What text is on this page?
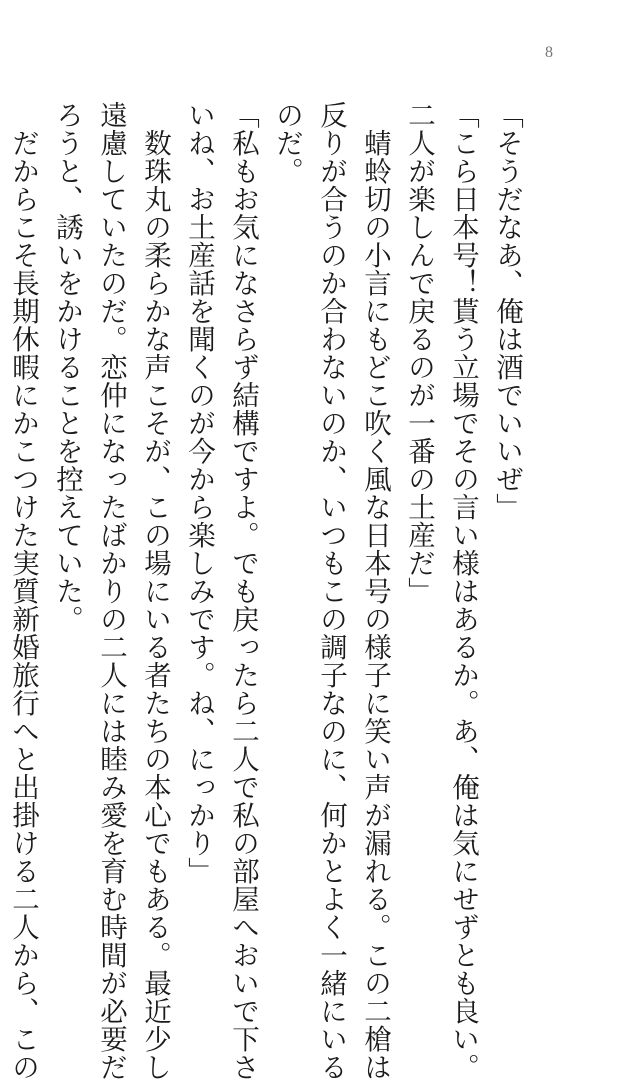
8
「そうだなあ、俺は酒でいいぜ」
「こら日本号！貰う立場でその言い様はあるか。あ、俺は気にせずとも良い。
二人が楽しんで戻るのが一番の土産だ」
　蜻蛉切の小言にもどこ吹く風な日本号の様子に笑い声が漏れる。この二槍は
反りが合うのか合わないのか、いつもこの調子なのに、何かとよく一緒にいる
のだ。
「私もお気になさらず結構ですよ。でも戻ったら二人で私の部屋へおいで下さ
いね、お土産話を聞くのが今から楽しみです。ね、にっかり」
　数珠丸の柔らかな声こそが、この場にいる者たちの本心でもある。最近少し
遠慮していたのだ。恋仲になったばかりの二人には睦み愛を育む時間が必要だ
ろうと、誘いをかけることを控えていた。
　だからこそ長期休暇にかこつけた実質新婚旅行へと出掛ける二人から、この
